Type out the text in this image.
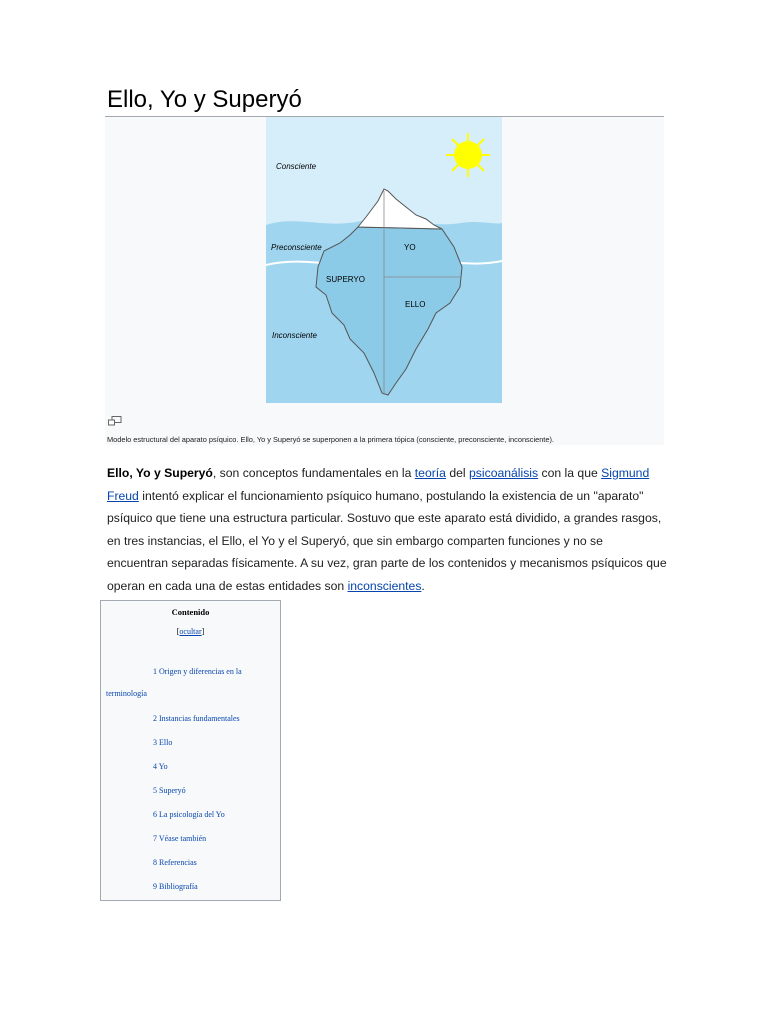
Ello, Yo y Superyó
Consciente
Preconsciente	YO
SUPERYO
ELLO
Inconsciente
Modelo estructural del aparato psíquico. Ello, Yo y Superyó se superponen a la primera tópica (consciente, preconsciente, inconsciente).

Ello, Yo y Superyó, son conceptos fundamentales en la teoría del psicoanálisis con la que Sigmund Freud intentó explicar el funcionamiento psíquico humano, postulando la existencia de un "aparato" psíquico que tiene una estructura particular. Sostuvo que este aparato está dividido, a grandes rasgos, en tres instancias, el Ello, el Yo y el Superyó, que sin embargo comparten funciones y no se encuentran separadas físicamente. A su vez, gran parte de los contenidos y mecanismos psíquicos que operan en cada una de estas entidades son inconscientes.

Contenido
[ocultar]
1 Origen y diferencias en la
terminología
2 Instancias fundamentales
3 Ello
4 Yo
5 Superyó
6 La psicología del Yo
7 Véase también
8 Referencias
9 Bibliografía
